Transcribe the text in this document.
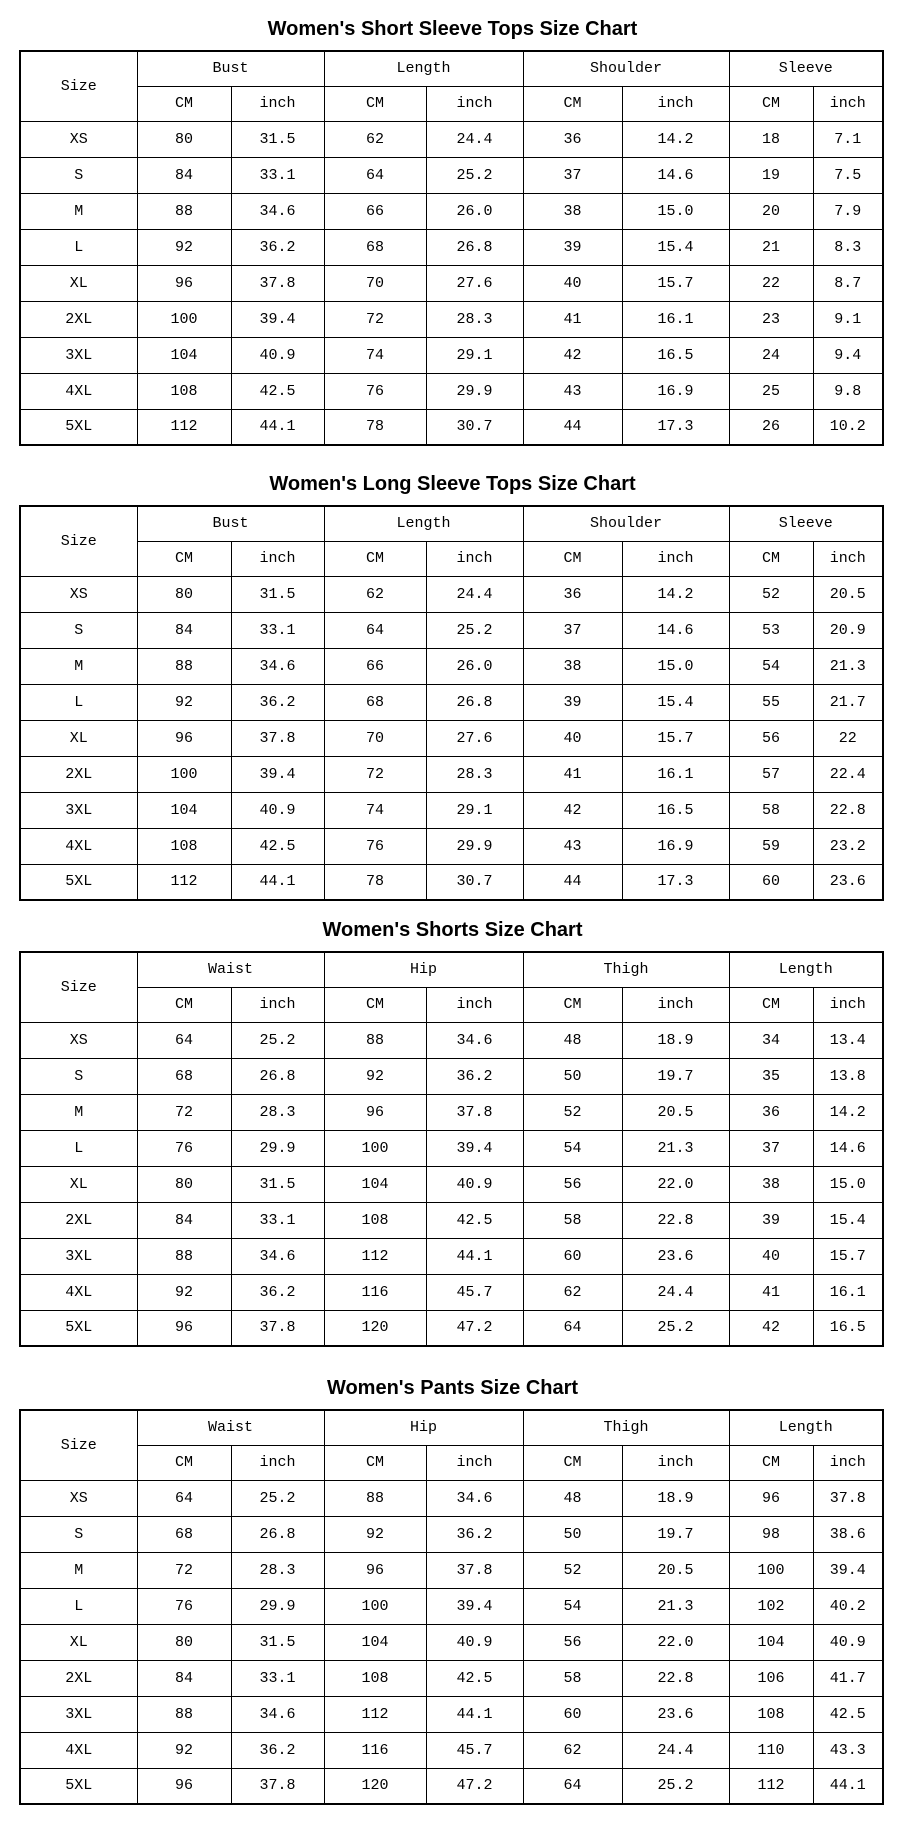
Women's Short Sleeve Tops Size Chart
Size	Bust		Length		Shoulder		Sleeve	
	CM	inch	CM	inch	CM	inch	CM	inch
XS	80	31.5	62	24.4	36	14.2	18	7.1
S	84	33.1	64	25.2	37	14.6	19	7.5
M	88	34.6	66	26.0	38	15.0	20	7.9
L	92	36.2	68	26.8	39	15.4	21	8.3
XL	96	37.8	70	27.6	40	15.7	22	8.7
2XL	100	39.4	72	28.3	41	16.1	23	9.1
3XL	104	40.9	74	29.1	42	16.5	24	9.4
4XL	108	42.5	76	29.9	43	16.9	25	9.8
5XL	112	44.1	78	30.7	44	17.3	26	10.2
Women's Long Sleeve Tops Size Chart
Size	Bust		Length		Shoulder		Sleeve	
	CM	inch	CM	inch	CM	inch	CM	inch
XS	80	31.5	62	24.4	36	14.2	52	20.5
S	84	33.1	64	25.2	37	14.6	53	20.9
M	88	34.6	66	26.0	38	15.0	54	21.3
L	92	36.2	68	26.8	39	15.4	55	21.7
XL	96	37.8	70	27.6	40	15.7	56	22
2XL	100	39.4	72	28.3	41	16.1	57	22.4
3XL	104	40.9	74	29.1	42	16.5	58	22.8
4XL	108	42.5	76	29.9	43	16.9	59	23.2
5XL	112	44.1	78	30.7	44	17.3	60	23.6
Women's Shorts Size Chart
Size	Waist		Hip		Thigh		Length	
	CM	inch	CM	inch	CM	inch	CM	inch
XS	64	25.2	88	34.6	48	18.9	34	13.4
S	68	26.8	92	36.2	50	19.7	35	13.8
M	72	28.3	96	37.8	52	20.5	36	14.2
L	76	29.9	100	39.4	54	21.3	37	14.6
XL	80	31.5	104	40.9	56	22.0	38	15.0
2XL	84	33.1	108	42.5	58	22.8	39	15.4
3XL	88	34.6	112	44.1	60	23.6	40	15.7
4XL	92	36.2	116	45.7	62	24.4	41	16.1
5XL	96	37.8	120	47.2	64	25.2	42	16.5
Women's Pants Size Chart
Size	Waist		Hip		Thigh		Length	
	CM	inch	CM	inch	CM	inch	CM	inch
XS	64	25.2	88	34.6	48	18.9	96	37.8
S	68	26.8	92	36.2	50	19.7	98	38.6
M	72	28.3	96	37.8	52	20.5	100	39.4
L	76	29.9	100	39.4	54	21.3	102	40.2
XL	80	31.5	104	40.9	56	22.0	104	40.9
2XL	84	33.1	108	42.5	58	22.8	106	41.7
3XL	88	34.6	112	44.1	60	23.6	108	42.5
4XL	92	36.2	116	45.7	62	24.4	110	43.3
5XL	96	37.8	120	47.2	64	25.2	112	44.1
